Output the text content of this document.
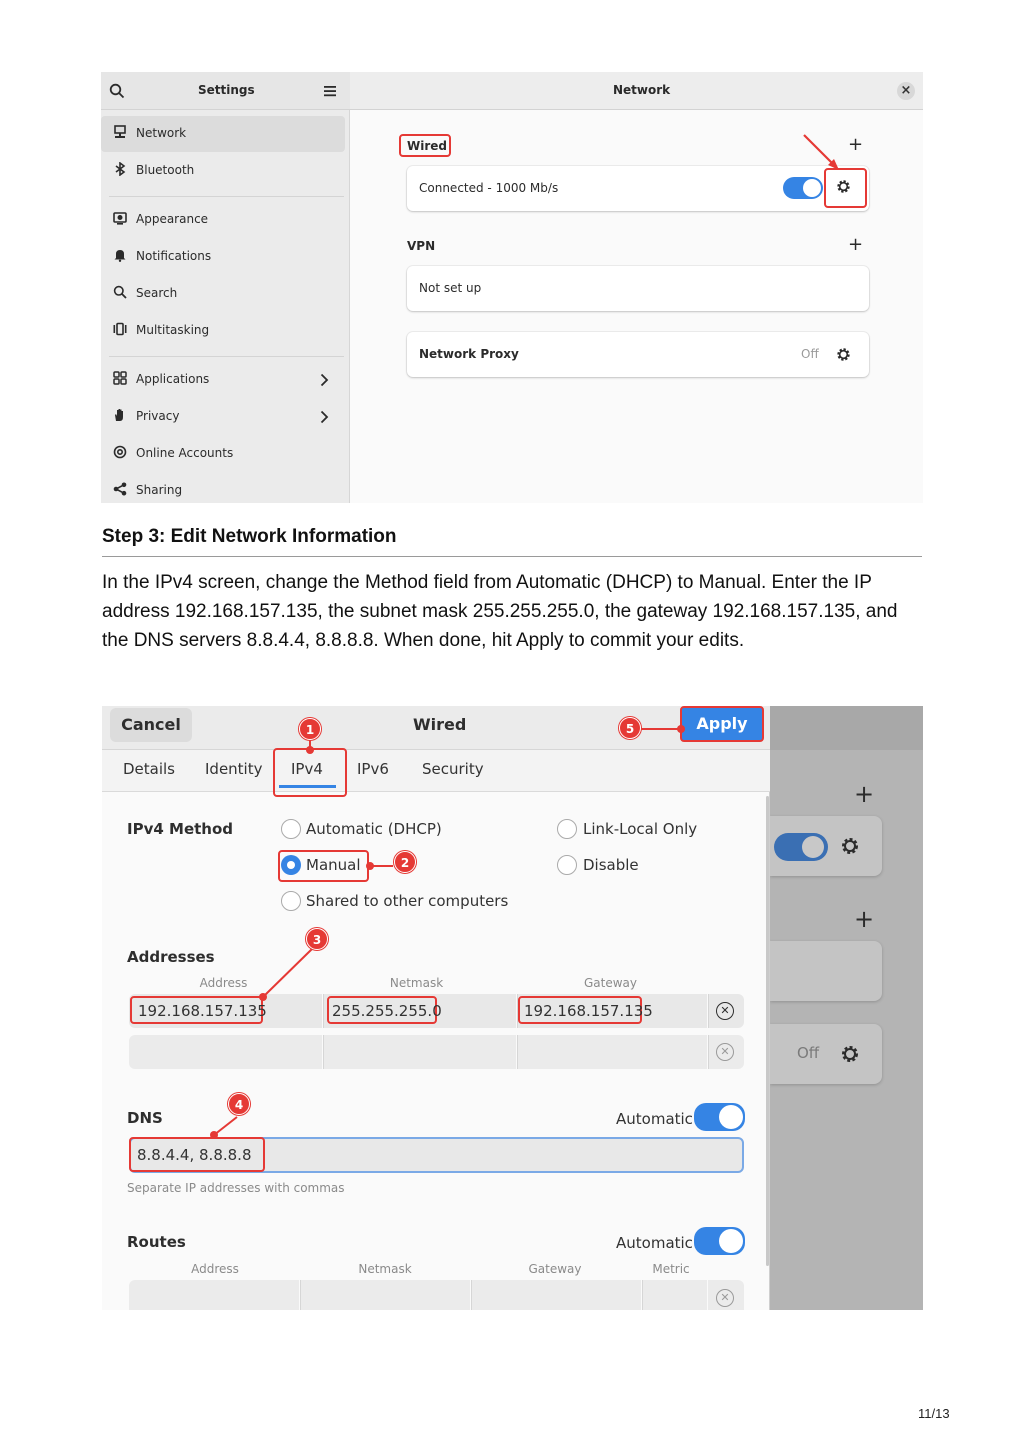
Settings	Network	×
Network
Bluetooth
Appearance
Notifications
Search
Multitasking
Applications
Privacy
Online Accounts
Sharing
Wired	+
Connected - 1000 Mb/s
VPN	+
Not set up
Network Proxy	Off
Step 3: Edit Network Information
In the IPv4 screen, change the Method field from Automatic (DHCP) to Manual. Enter the IP address 192.168.157.135, the subnet mask 255.255.255.0, the gateway 192.168.157.135, and the DNS servers 8.8.4.4, 8.8.8.8. When done, hit Apply to commit your edits.
+
+
Off
Cancel	Wired	Apply
Details Identity IPv4 IPv6 Security
IPv4 Method	Automatic (DHCP)
Manual
Shared to other computers
Link-Local Only
Disable
Addresses
Address	Netmask	Gateway
✕
192.168.157.135	255.255.255.0	192.168.157.135
✕
DNS	Automatic
8.8.4.4, 8.8.8.8
Separate IP addresses with commas
Routes	Automatic
Address	Netmask	Gateway	Metric
✕
1
2
3
4
5
11/13
